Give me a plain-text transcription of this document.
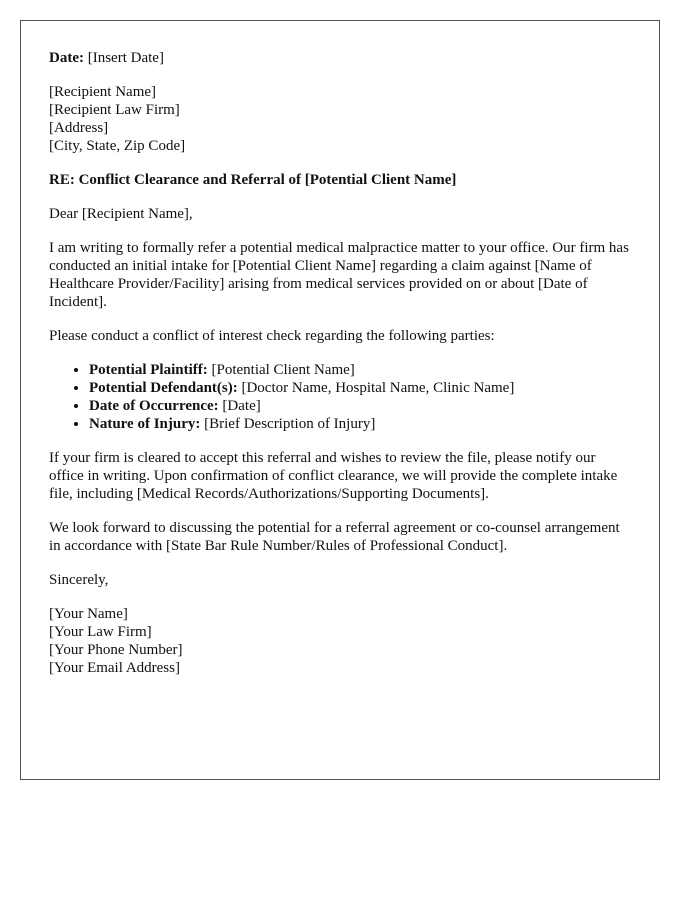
Date: [Insert Date]

[Recipient Name]
[Recipient Law Firm]
[Address]
[City, State, Zip Code]

RE: Conflict Clearance and Referral of [Potential Client Name]

Dear [Recipient Name],

I am writing to formally refer a potential medical malpractice matter to your office. Our firm has conducted an initial intake for [Potential Client Name] regarding a claim against [Name of Healthcare Provider/Facility] arising from medical services provided on or about [Date of Incident].

Please conduct a conflict of interest check regarding the following parties:

• Potential Plaintiff: [Potential Client Name]
• Potential Defendant(s): [Doctor Name, Hospital Name, Clinic Name]
• Date of Occurrence: [Date]
• Nature of Injury: [Brief Description of Injury]

If your firm is cleared to accept this referral and wishes to review the file, please notify our office in writing. Upon confirmation of conflict clearance, we will provide the complete intake file, including [Medical Records/Authorizations/Supporting Documents].

We look forward to discussing the potential for a referral agreement or co-counsel arrangement in accordance with [State Bar Rule Number/Rules of Professional Conduct].

Sincerely,

[Your Name]
[Your Law Firm]
[Your Phone Number]
[Your Email Address]
